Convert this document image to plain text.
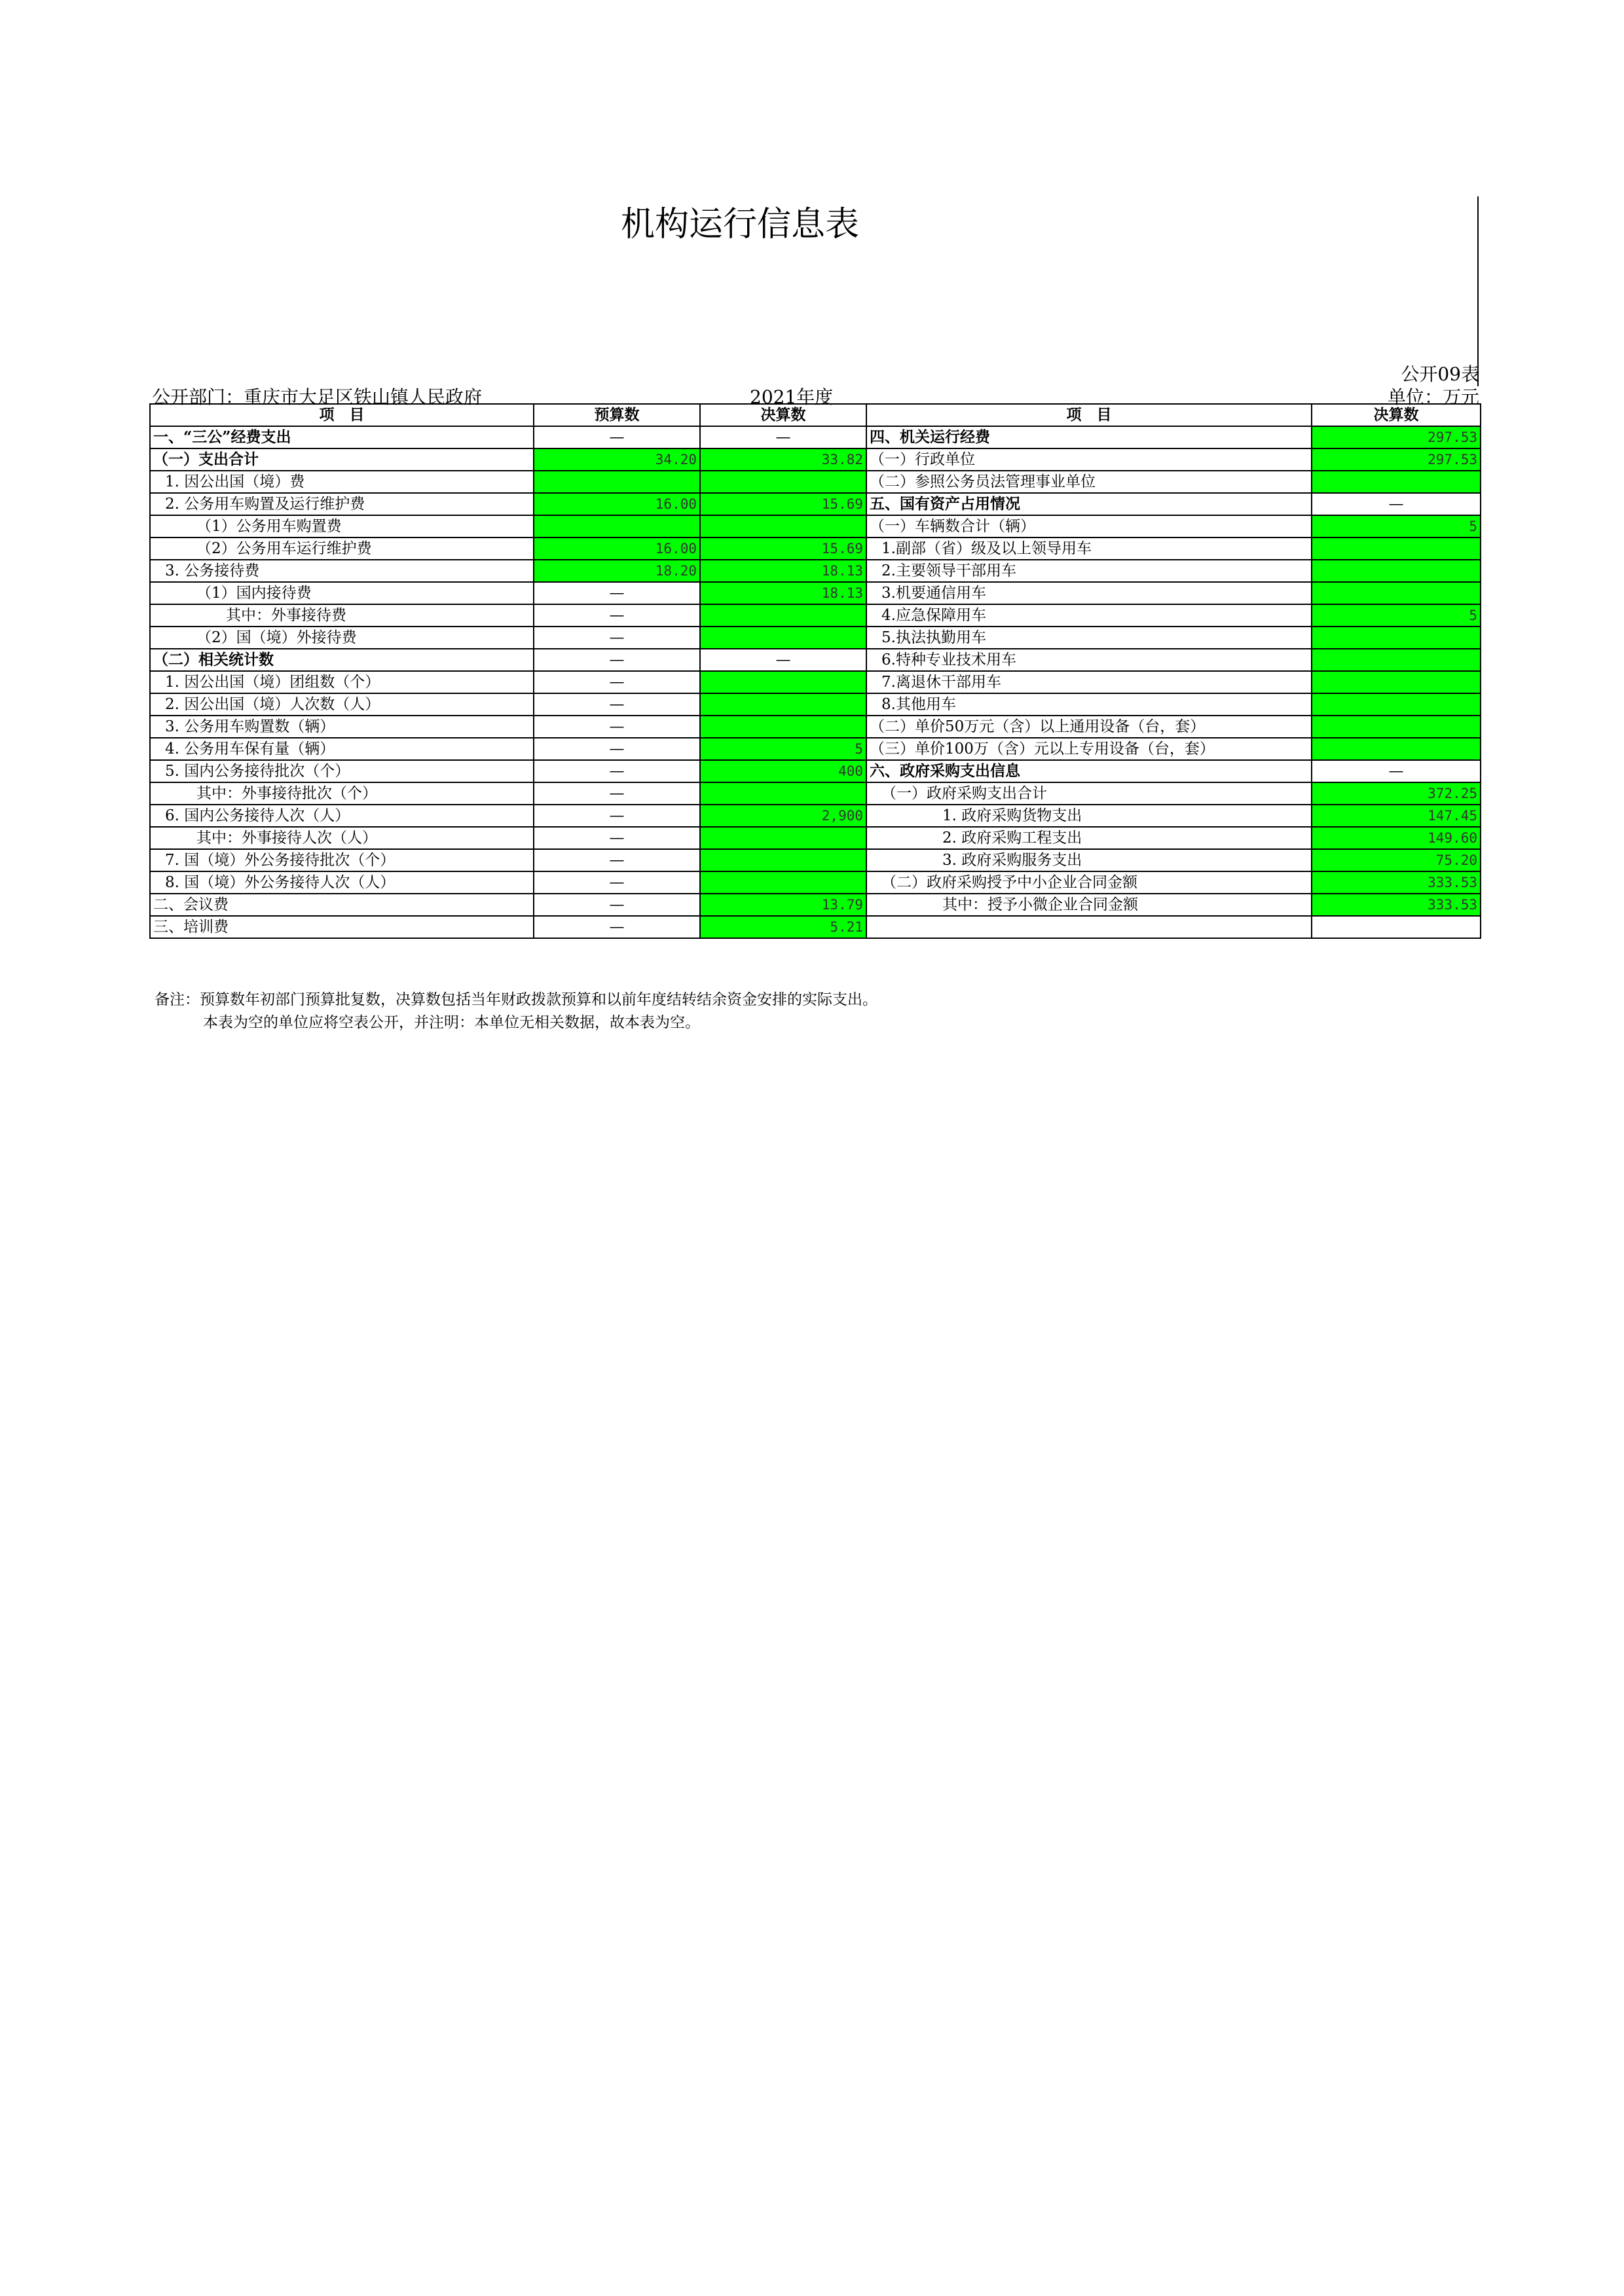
机构运行信息表
公开09表
公开部门：重庆市大足区铁山镇人民政府	2021年度	单位：万元
项　目	预算数	决算数	项　目	决算数
一、“三公”经费支出	—	—	四、机关运行经费	297.53
（一）支出合计	34.20	33.82	（一）行政单位	297.53
1. 因公出国（境）费			（二）参照公务员法管理事业单位	
2. 公务用车购置及运行维护费	16.00	15.69	五、国有资产占用情况	—
（1）公务用车购置费			（一）车辆数合计（辆）	5
（2）公务用车运行维护费	16.00	15.69	1.副部（省）级及以上领导用车	
3. 公务接待费	18.20	18.13	2.主要领导干部用车	
（1）国内接待费	—	18.13	3.机要通信用车	
其中：外事接待费	—		4.应急保障用车	5
（2）国（境）外接待费	—		5.执法执勤用车	
（二）相关统计数	—	—	6.特种专业技术用车	
1. 因公出国（境）团组数（个）	—		7.离退休干部用车	
2. 因公出国（境）人次数（人）	—		8.其他用车	
3. 公务用车购置数（辆）	—		（二）单价50万元（含）以上通用设备（台，套）	
4. 公务用车保有量（辆）	—	5	（三）单价100万（含）元以上专用设备（台，套）	
5. 国内公务接待批次（个）	—	400	六、政府采购支出信息	—
其中：外事接待批次（个）	—		（一）政府采购支出合计	372.25
6. 国内公务接待人次（人）	—	2,900	1. 政府采购货物支出	147.45
其中：外事接待人次（人）	—		2. 政府采购工程支出	149.60
7. 国（境）外公务接待批次（个）	—		3. 政府采购服务支出	75.20
8. 国（境）外公务接待人次（人）	—		（二）政府采购授予中小企业合同金额	333.53
二、会议费	—	13.79	其中：授予小微企业合同金额	333.53
三、培训费	—	5.21		
备注：预算数年初部门预算批复数，决算数包括当年财政拨款预算和以前年度结转结余资金安排的实际支出。
本表为空的单位应将空表公开，并注明：本单位无相关数据，故本表为空。
